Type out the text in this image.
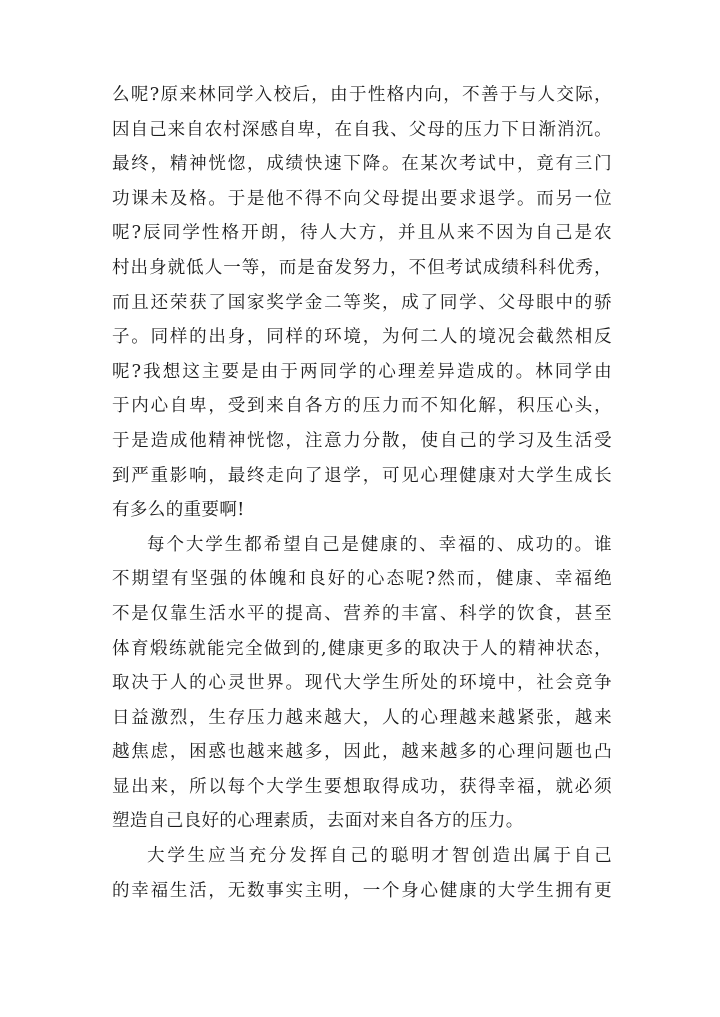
么呢?原来林同学入校后，由于性格内向，不善于与人交际，
因自己来自农村深感自卑，在自我、父母的压力下日渐消沉。
最终，精神恍惚，成绩快速下降。在某次考试中，竟有三门
功课未及格。于是他不得不向父母提出要求退学。而另一位
呢?辰同学性格开朗，待人大方，并且从来不因为自己是农
村出身就低人一等，而是奋发努力，不但考试成绩科科优秀，
而且还荣获了国家奖学金二等奖，成了同学、父母眼中的骄
子。同样的出身，同样的环境，为何二人的境况会截然相反
呢?我想这主要是由于两同学的心理差异造成的。林同学由
于内心自卑，受到来自各方的压力而不知化解，积压心头，
于是造成他精神恍惚，注意力分散，使自己的学习及生活受
到严重影响，最终走向了退学，可见心理健康对大学生成长
有多么的重要啊!
每个大学生都希望自己是健康的、幸福的、成功的。谁
不期望有坚强的体魄和良好的心态呢?然而，健康、幸福绝
不是仅靠生活水平的提高、营养的丰富、科学的饮食，甚至
体育煅练就能完全做到的,健康更多的取决于人的精神状态，
取决于人的心灵世界。现代大学生所处的环境中，社会竞争
日益激烈，生存压力越来越大，人的心理越来越紧张，越来
越焦虑，困惑也越来越多，因此，越来越多的心理问题也凸
显出来，所以每个大学生要想取得成功，获得幸福，就必须
塑造自己良好的心理素质，去面对来自各方的压力。
大学生应当充分发挥自己的聪明才智创造出属于自己
的幸福生活，无数事实主明，一个身心健康的大学生拥有更
